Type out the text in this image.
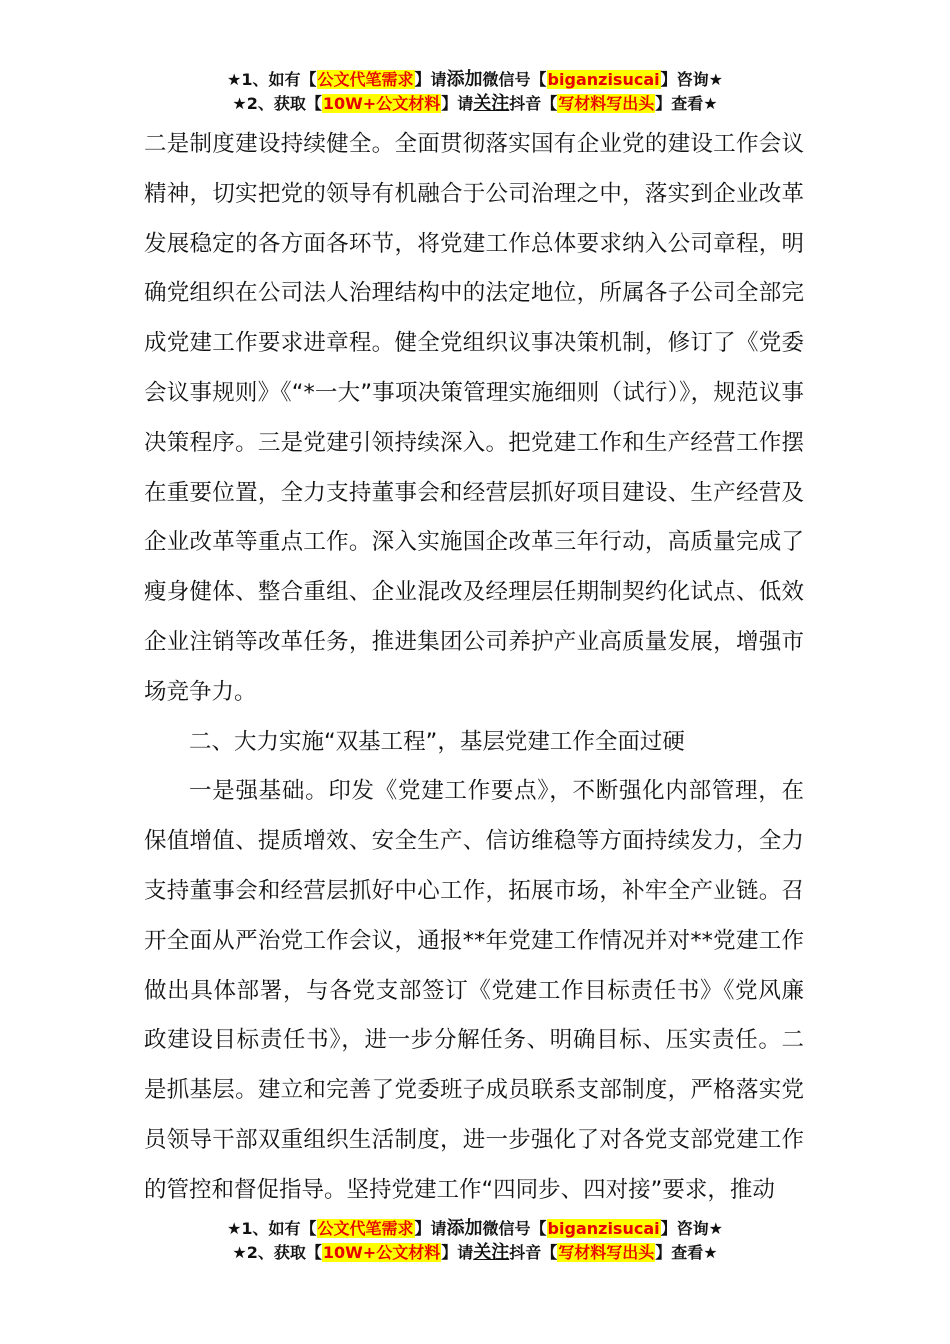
★1、如有【公文代笔需求】请添加微信号【biganzisucai】咨询★
★2、获取【10W+公文材料】请关注抖音【写材料写出头】查看★

二是制度建设持续健全。全面贯彻落实国有企业党的建设工作会议精神，切实把党的领导有机融合于公司治理之中，落实到企业改革发展稳定的各方面各环节，将党建工作总体要求纳入公司章程，明确党组织在公司法人治理结构中的法定地位，所属各子公司全部完成党建工作要求进章程。健全党组织议事决策机制，修订了《党委会议事规则》《“*一大”事项决策管理实施细则（试行）》，规范议事决策程序。三是党建引领持续深入。把党建工作和生产经营工作摆在重要位置，全力支持董事会和经营层抓好项目建设、生产经营及企业改革等重点工作。深入实施国企改革三年行动，高质量完成了瘦身健体、整合重组、企业混改及经理层任期制契约化试点、低效企业注销等改革任务，推进集团公司养护产业高质量发展，增强市场竞争力。

二、大力实施“双基工程”，基层党建工作全面过硬

一是强基础。印发《党建工作要点》，不断强化内部管理，在保值增值、提质增效、安全生产、信访维稳等方面持续发力，全力支持董事会和经营层抓好中心工作，拓展市场，补牢全产业链。召开全面从严治党工作会议，通报**年党建工作情况并对**党建工作做出具体部署，与各党支部签订《党建工作目标责任书》《党风廉政建设目标责任书》，进一步分解任务、明确目标、压实责任。二是抓基层。建立和完善了党委班子成员联系支部制度，严格落实党员领导干部双重组织生活制度，进一步强化了对各党支部党建工作的管控和督促指导。坚持党建工作“四同步、四对接”要求，推动

★1、如有【公文代笔需求】请添加微信号【biganzisucai】咨询★
★2、获取【10W+公文材料】请关注抖音【写材料写出头】查看★
